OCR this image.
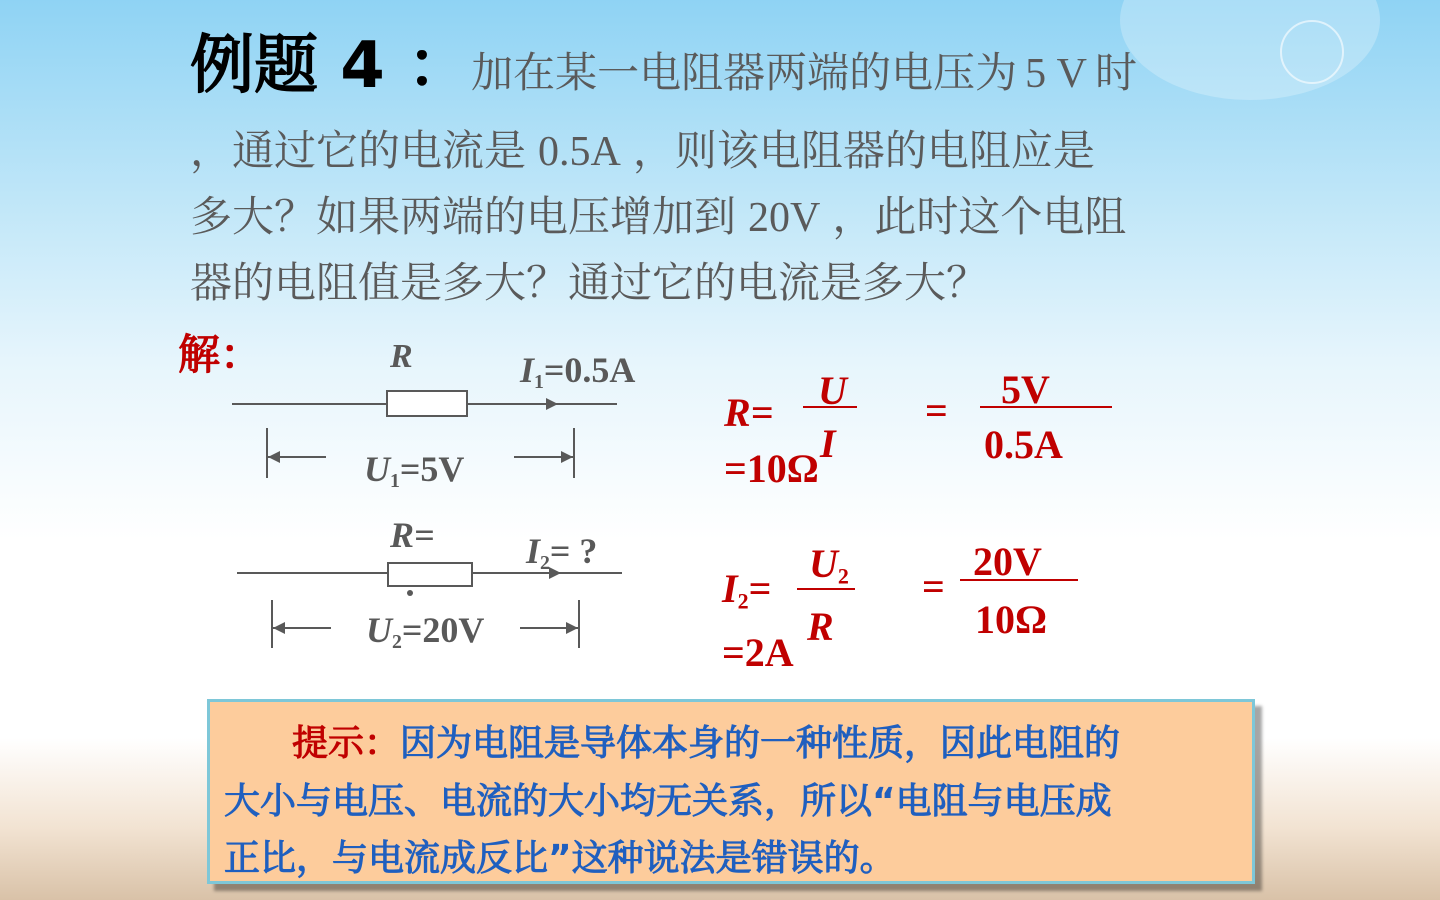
例题 4 ：加在某一电阻器两端的电压为 5 V 时
，通过它的电流是 0.5A ，则该电阻器的电阻应是
多大？如果两端的电压增加到 20V ，此时这个电阻
器的电阻值是多大？通过它的电流是多大？
解：	R	$I_1=0.5A$
$U_1=5V$
R=	$I_2=$ ?
$U_2=20V$
R= U
I
= 5V
0.5A
=10Ω
$I_2=$
$U_2$
R
=
20V
10Ω
=2A
提示：因为电阻是导体本身的一种性质，因此电阻的
大小与电压、电流的大小均无关系，所以“电阻与电压成
正比，与电流成反比”这种说法是错误的。
